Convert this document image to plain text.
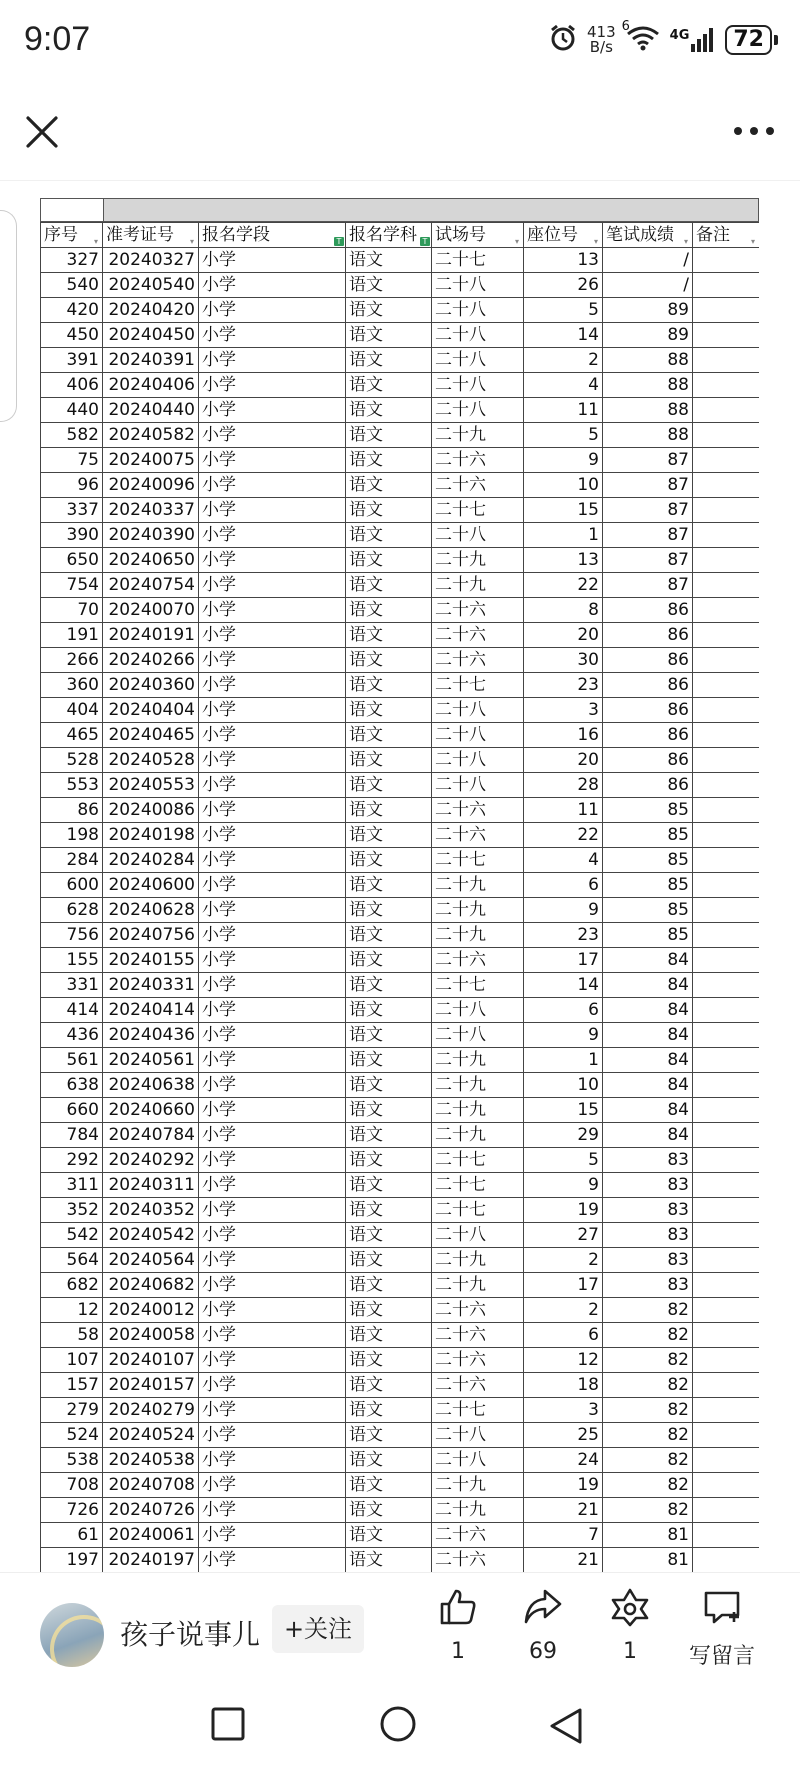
9:07	413
B/s
6
4G	72
序号 ▾	准考证号 ▾	报名学段 T	报名学科 T	试场号 ▾	座位号 ▾	笔试成绩 ▾	备注 ▾

327	20240327	小学	语文	二十七	13	/	
540	20240540	小学	语文	二十八	26	/	
420	20240420	小学	语文	二十八	5	89	
450	20240450	小学	语文	二十八	14	89	
391	20240391	小学	语文	二十八	2	88	
406	20240406	小学	语文	二十八	4	88	
440	20240440	小学	语文	二十八	11	88	
582	20240582	小学	语文	二十九	5	88	
75	20240075	小学	语文	二十六	9	87	
96	20240096	小学	语文	二十六	10	87	
337	20240337	小学	语文	二十七	15	87	
390	20240390	小学	语文	二十八	1	87	
650	20240650	小学	语文	二十九	13	87	
754	20240754	小学	语文	二十九	22	87	
70	20240070	小学	语文	二十六	8	86	
191	20240191	小学	语文	二十六	20	86	
266	20240266	小学	语文	二十六	30	86	
360	20240360	小学	语文	二十七	23	86	
404	20240404	小学	语文	二十八	3	86	
465	20240465	小学	语文	二十八	16	86	
528	20240528	小学	语文	二十八	20	86	
553	20240553	小学	语文	二十八	28	86	
86	20240086	小学	语文	二十六	11	85	
198	20240198	小学	语文	二十六	22	85	
284	20240284	小学	语文	二十七	4	85	
600	20240600	小学	语文	二十九	6	85	
628	20240628	小学	语文	二十九	9	85	
756	20240756	小学	语文	二十九	23	85	
155	20240155	小学	语文	二十六	17	84	
331	20240331	小学	语文	二十七	14	84	
414	20240414	小学	语文	二十八	6	84	
436	20240436	小学	语文	二十八	9	84	
561	20240561	小学	语文	二十九	1	84	
638	20240638	小学	语文	二十九	10	84	
660	20240660	小学	语文	二十九	15	84	
784	20240784	小学	语文	二十九	29	84	
292	20240292	小学	语文	二十七	5	83	
311	20240311	小学	语文	二十七	9	83	
352	20240352	小学	语文	二十七	19	83	
542	20240542	小学	语文	二十八	27	83	
564	20240564	小学	语文	二十九	2	83	
682	20240682	小学	语文	二十九	17	83	
12	20240012	小学	语文	二十六	2	82	
58	20240058	小学	语文	二十六	6	82	
107	20240107	小学	语文	二十六	12	82	
157	20240157	小学	语文	二十六	18	82	
279	20240279	小学	语文	二十七	3	82	
524	20240524	小学	语文	二十八	25	82	
538	20240538	小学	语文	二十八	24	82	
708	20240708	小学	语文	二十九	19	82	
726	20240726	小学	语文	二十九	21	82	
61	20240061	小学	语文	二十六	7	81	
197	20240197	小学	语文	二十六	21	81	
孩子说事儿 +关注
1	69	1	写留言
